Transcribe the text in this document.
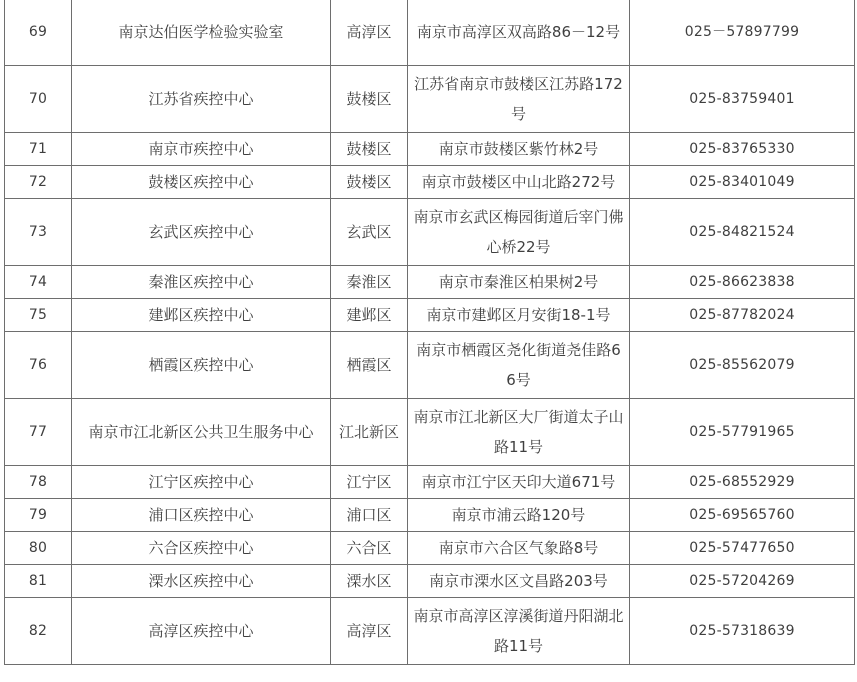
69	南京达伯医学检验实验室	高淳区	南京市高淳区双高路86－12号	025－57897799
70	江苏省疾控中心	鼓楼区	江苏省南京市鼓楼区江苏路172号	025-83759401
71	南京市疾控中心	鼓楼区	南京市鼓楼区紫竹林2号	025-83765330
72	鼓楼区疾控中心	鼓楼区	南京市鼓楼区中山北路272号	025-83401049
73	玄武区疾控中心	玄武区	南京市玄武区梅园街道后宰门佛心桥22号	025-84821524
74	秦淮区疾控中心	秦淮区	南京市秦淮区柏果树2号	025-86623838
75	建邺区疾控中心	建邺区	南京市建邺区月安街18-1号	025-87782024
76	栖霞区疾控中心	栖霞区	南京市栖霞区尧化街道尧佳路66号	025-85562079
77	南京市江北新区公共卫生服务中心	江北新区	南京市江北新区大厂街道太子山路11号	025-57791965
78	江宁区疾控中心	江宁区	南京市江宁区天印大道671号	025-68552929
79	浦口区疾控中心	浦口区	南京市浦云路120号	025-69565760
80	六合区疾控中心	六合区	南京市六合区气象路8号	025-57477650
81	溧水区疾控中心	溧水区	南京市溧水区文昌路203号	025-57204269
82	高淳区疾控中心	高淳区	南京市高淳区淳溪街道丹阳湖北路11号	025-57318639
